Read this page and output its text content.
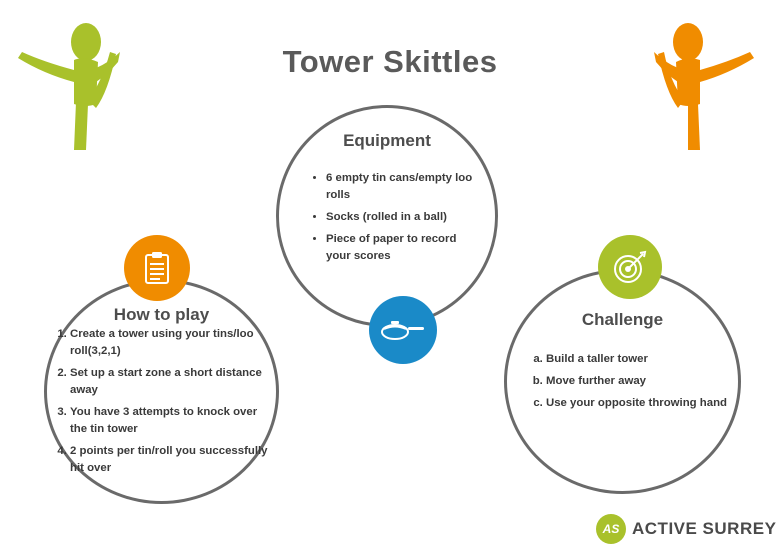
Tower Skittles
Equipment
• 6 empty tin cans/empty loo rolls
• Socks (rolled in a ball)
• Piece of paper to record your scores
How to play
1. Create a tower using your tins/loo roll(3,2,1)
2. Set up a start zone a short distance away
3. You have 3 attempts to knock over the tin tower
4. 2 points per tin/roll you successfully hit over
Challenge
a. Build a taller tower
b. Move further away
c. Use your opposite throwing hand
AS ACTIVE SURREY
